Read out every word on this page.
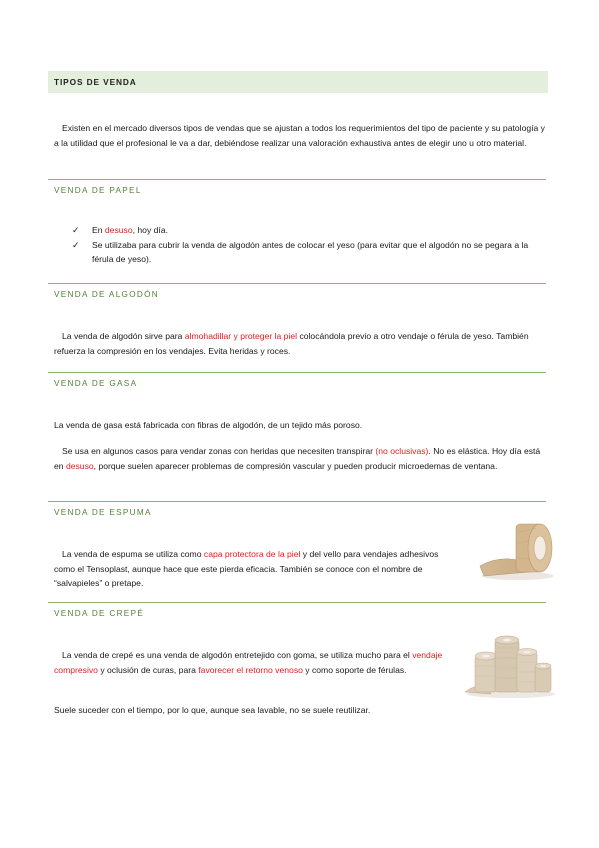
TIPOS DE VENDA

Existen en el mercado diversos tipos de vendas que se ajustan a todos los requerimientos del tipo de paciente y su patología y a la utilidad que el profesional le va a dar, debiéndose realizar una valoración exhaustiva antes de elegir uno u otro material.

VENDA DE PAPEL
✓ En desuso, hoy día.
✓ Se utilizaba para cubrir la venda de algodón antes de colocar el yeso (para evitar que el algodón no se pegara a la férula de yeso).
VENDA DE ALGODÓN

La venda de algodón sirve para almohadillar y proteger la piel colocándola previo a otro vendaje o férula de yeso. También refuerza la compresión en los vendajes. Evita heridas y roces.

VENDA DE GASA

La venda de gasa está fabricada con fibras de algodón, de un tejido más poroso.

Se usa en algunos casos para vendar zonas con heridas que necesiten transpirar (no oclusivas). No es elástica. Hoy día está en desuso, porque suelen aparecer problemas de compresión vascular y pueden producir microedemas de ventana.

VENDA DE ESPUMA

La venda de espuma se utiliza como capa protectora de la piel y del vello para vendajes adhesivos como el Tensoplast, aunque hace que este pierda eficacia. También se conoce con el nombre de “salvapieles” o pretape.

VENDA DE CREPÉ

La venda de crepé es una venda de algodón entretejido con goma, se utiliza mucho para el vendaje compresivo y oclusión de curas, para favorecer el retorno venoso y como soporte de férulas.

Suele suceder con el tiempo, por lo que, aunque sea lavable, no se suele reutilizar.
